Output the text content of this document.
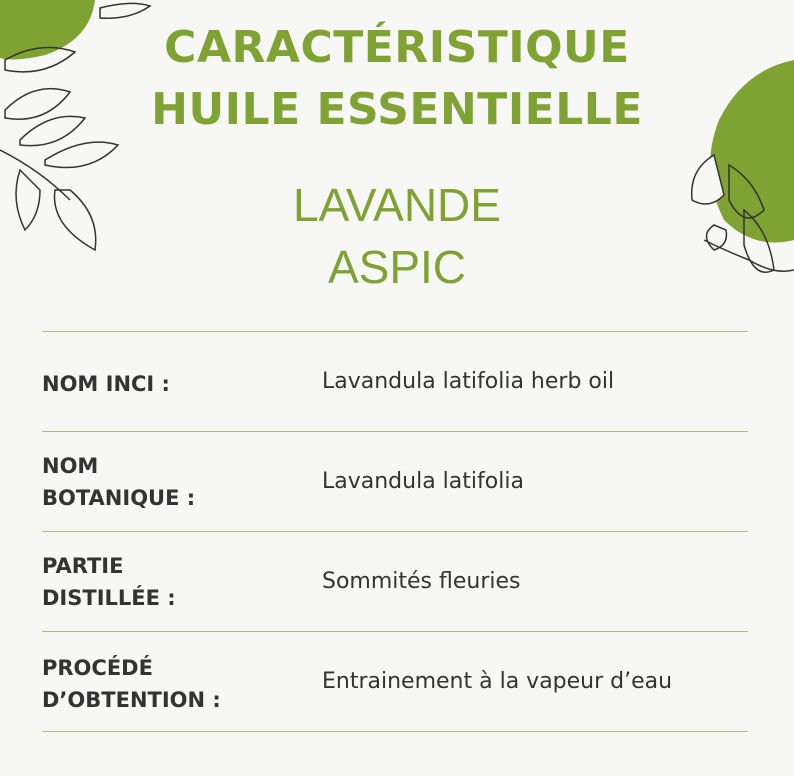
CARACTÉRISTIQUE
HUILE ESSENTIELLE
LAVANDE
ASPIC
NOM INCI :	Lavandula latifolia herb oil
NOM
BOTANIQUE :
Lavandula latifolia
PARTIE
DISTILLÉE :
Sommités fleuries
PROCÉDÉ
D’OBTENTION :
Entrainement à la vapeur d’eau
